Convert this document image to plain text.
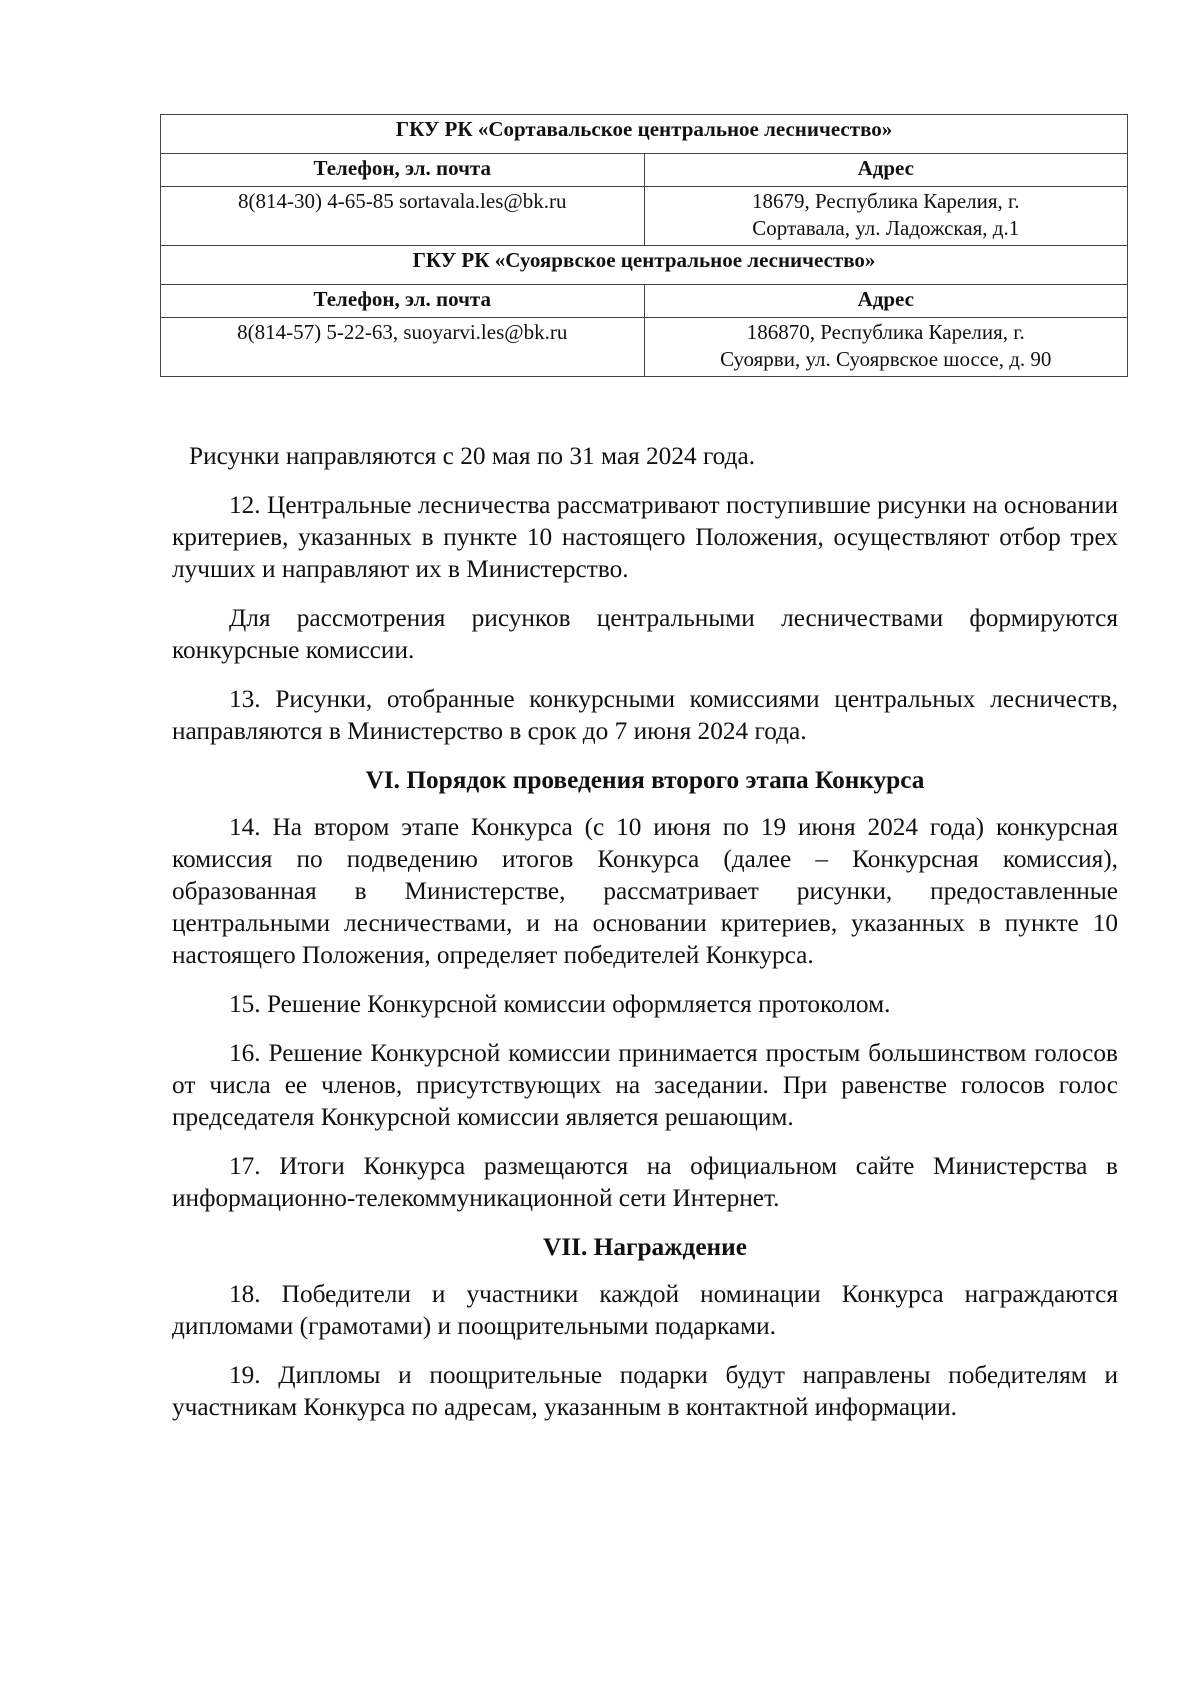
ГКУ РК «Сортавальское центральное лесничество»	
Телефон, эл. почта	Адрес
8(814-30) 4-65-85 sortavala.les@bk.ru	18679, Республика Карелия, г.
Сортавала, ул. Ладожская, д.1

ГКУ РК «Суоярвское центральное лесничество»	
Телефон, эл. почта	Адрес
8(814-57) 5-22-63, suoyarvi.les@bk.ru	186870, Республика Карелия, г.
Суоярви, ул. Суоярвское шоссе, д. 90

Рисунки направляются с 20 мая по 31 мая 2024 года.

12. Центральные лесничества рассматривают поступившие рисунки на основании критериев, указанных в пункте 10 настоящего Положения, осуществляют отбор трех лучших и направляют их в Министерство.

Для рассмотрения рисунков центральными лесничествами формируются конкурсные комиссии.

13. Рисунки, отобранные конкурсными комиссиями центральных лесничеств, направляются в Министерство в срок до 7 июня 2024 года.

VI. Порядок проведения второго этапа Конкурса

14. На втором этапе Конкурса (с 10 июня по 19 июня 2024 года) конкурсная комиссия по подведению итогов Конкурса (далее – Конкурсная комиссия), образованная в Министерстве, рассматривает рисунки, предоставленные центральными лесничествами, и на основании критериев, указанных в пункте 10 настоящего Положения, определяет победителей Конкурса.

15. Решение Конкурсной комиссии оформляется протоколом.

16. Решение Конкурсной комиссии принимается простым большинством голосов от числа ее членов, присутствующих на заседании. При равенстве голосов голос председателя Конкурсной комиссии является решающим.

17. Итоги Конкурса размещаются на официальном сайте Министерства в информационно-телекоммуникационной сети Интернет.

VII. Награждение

18. Победители и участники каждой номинации Конкурса награждаются дипломами (грамотами) и поощрительными подарками.

19. Дипломы и поощрительные подарки будут направлены победителям и участникам Конкурса по адресам, указанным в контактной информации.
